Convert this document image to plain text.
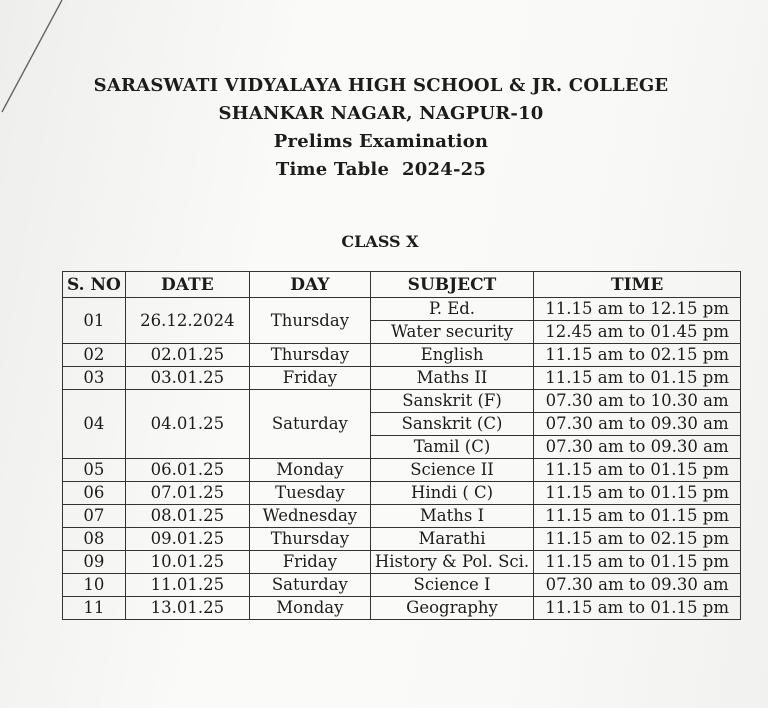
SARASWATI VIDYALAYA HIGH SCHOOL & JR. COLLEGE
SHANKAR NAGAR, NAGPUR-10
Prelims Examination
Time Table  2024-25
CLASS X
S. NO	DATE	DAY	SUBJECT	TIME
01	26.12.2024	Thursday	P. Ed.	11.15 am to 12.15 pm
			Water security	12.45 am to 01.45 pm
02	02.01.25	Thursday	English	11.15 am to 02.15 pm
03	03.01.25	Friday	Maths II	11.15 am to 01.15 pm
04	04.01.25	Saturday	Sanskrit (F)	07.30 am to 10.30 am
			Sanskrit (C)	07.30 am to 09.30 am
			Tamil (C)	07.30 am to 09.30 am
05	06.01.25	Monday	Science II	11.15 am to 01.15 pm
06	07.01.25	Tuesday	Hindi ( C)	11.15 am to 01.15 pm
07	08.01.25	Wednesday	Maths I	11.15 am to 01.15 pm
08	09.01.25	Thursday	Marathi	11.15 am to 02.15 pm
09	10.01.25	Friday	History & Pol. Sci.	11.15 am to 01.15 pm
10	11.01.25	Saturday	Science I	07.30 am to 09.30 am
11	13.01.25	Monday	Geography	11.15 am to 01.15 pm
